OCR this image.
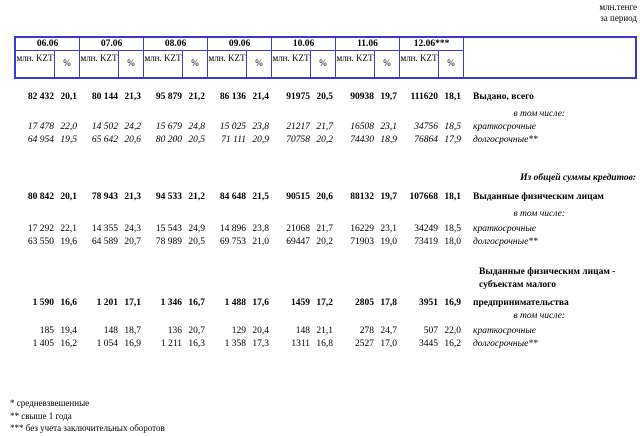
млн.тенге
за период
06.06
млн. KZT	%
07.06
млн. KZT	%
08.06
млн. KZT	%
09.06
млн. KZT	%
10.06
млн. KZT	%
11.06
млн. KZT	%
12.06***
млн. KZT	%
82 432 20,1	80 144 21,3	95 879 21,2	86 136 21,4	91975 20,5	90938 19,7	111620 18,1	Выдано, всего
в том числе:
17 478 22,0	14 502 24,2	15 679 24,8	15 025 23,8	21217 21,7	16508 23,1	34756 18,5	краткосрочные
64 954 19,5	65 642 20,6	80 200 20,5	71 111 20,9	70758 20,2	74430 18,9	76864 17,9	долгосрочные**
Из общей суммы кредитов:
80 842 20,1	78 943 21,3	94 533 21,2	84 648 21,5	90515 20,6	88132 19,7	107668 18,1	Выданные физическим лицам
в том числе:
17 292 22,1	14 355 24,3	15 543 24,9	14 896 23,8	21068 21,7	16229 23,1	34249 18,5	краткосрочные
63 550 19,6	64 589 20,7	78 989 20,5	69 753 21,0	69447 20,2	71903 19,0	73419 18,0	долгосрочные**
Выданные физическим лицам -
субъектам малого
1 590 16,6	1 201 17,1	1 346 16,7	1 488 17,6	1459 17,2	2805 17,8	3951 16,9	предпринимательства
в том числе:
185 19,4	148 18,7	136 20,7	129 20,4	148 21,1	278 24,7	507 22,0	краткосрочные
1 405 16,2	1 054 16,9	1 211 16,3	1 358 17,3	1311 16,8	2527 17,0	3445 16,2	долгосрочные**
* средневзвешенные
** свыше 1 года
*** без учета заключительных оборотов
